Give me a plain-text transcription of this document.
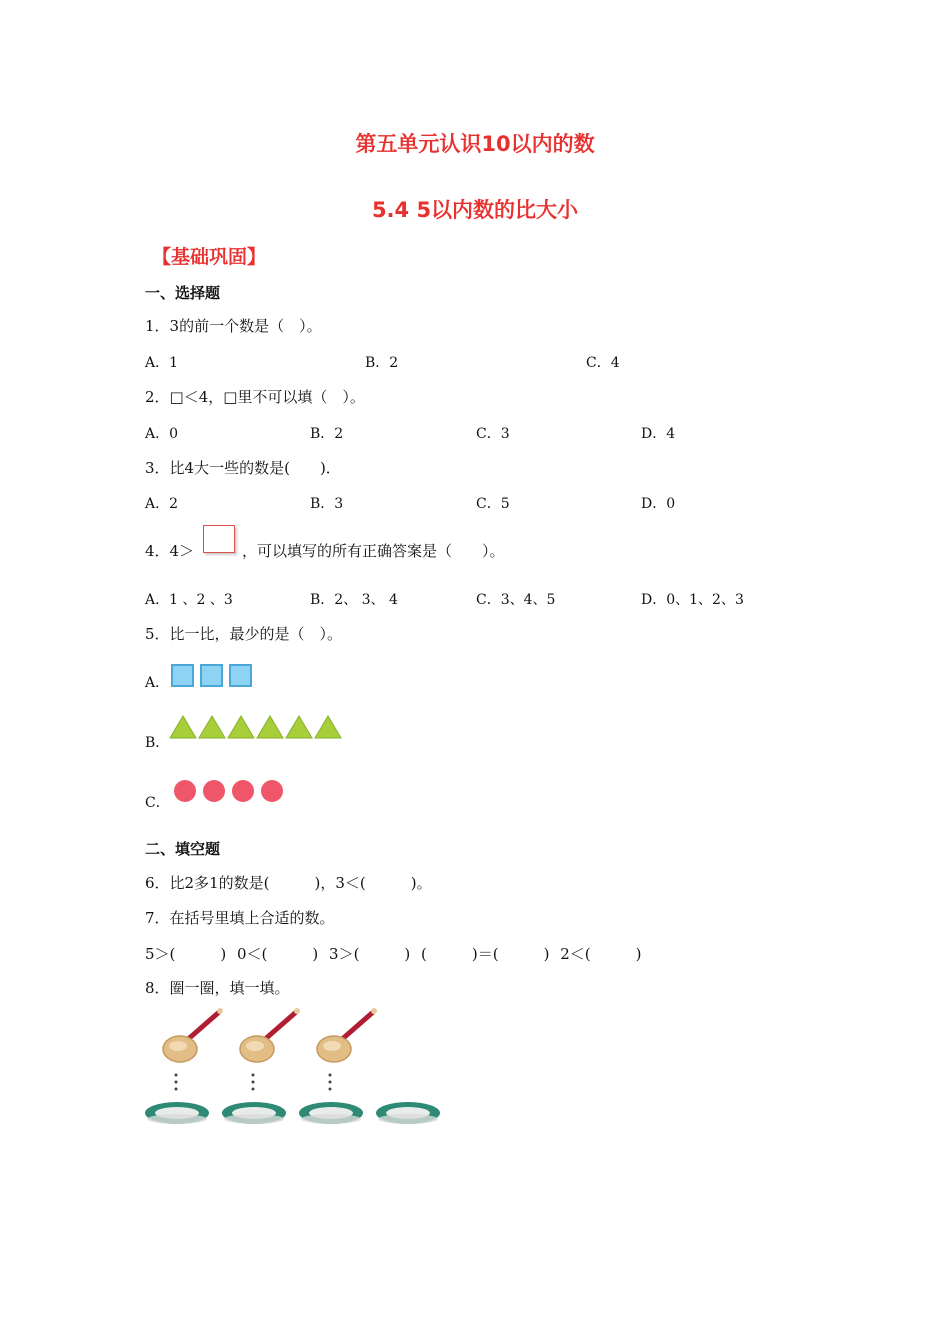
第五单元认识10以内的数
5.4 5以内数的比大小
【基础巩固】
一、选择题
1．3的前一个数是（　）。
A．1	B．2	C．4
2．□＜4，□里不可以填（　）。
A．0	B．2	C．3	D．4
3．比4大一些的数是(　　)．
A．2	B．3	C．5	D．0
4．4＞	，可以填写的所有正确答案是（　　）。
A．1 、2 、3	B．2、 3、 4	C．3、4、5	D．0、1、2、3
5．比一比，最少的是（　）。
A．
B．
C．
二、填空题
6．比2多1的数是(　　　)，3＜(　　　)。
7．在括号里填上合适的数。
5＞(　　　) 0＜(　　　) 3＞(　　　) (　　　)＝(　　　) 2＜(　　　)
8．圈一圈，填一填。
